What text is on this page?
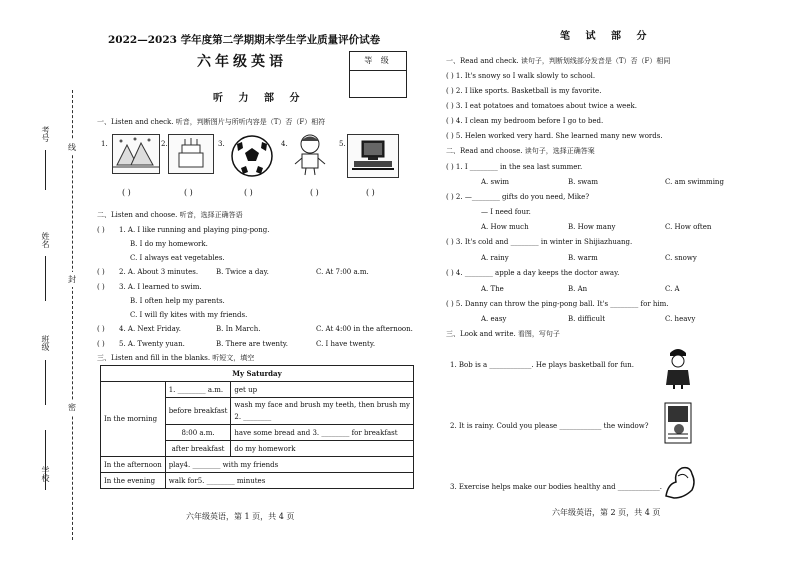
考号
姓名
班级
学校
线
封
密
2022—2023 学年度第二学期期末学生学业质量评价试卷
六年级英语	等 级
听 力 部 分
一、Listen and check. 听音，判断图片与所听内容是（T）否（F）相符
1.
( )
2.
( )
3.
( )
4.
( )
5.
( )
二、Listen and choose. 听音，选择正确答语
( ) 1. A. I like running and playing ping-pong.
B. I do my homework.
C. I always eat vegetables.
( ) 2. A. About 3 minutes.	B. Twice a day.	C. At 7:00 a.m.
( ) 3. A. I learned to swim.
B. I often help my parents.
C. I will fly kites with my friends.
( ) 4. A. Next Friday.	B. In March.	C. At 4:00 in the afternoon.
( ) 5. A. Twenty yuan.	B. There are twenty.	C. I have twenty.
三、Listen and fill in the blanks. 听短文，填空
My Saturday		
In the morning	1. ________ a.m.	get up
	before breakfast	wash my face and brush my teeth, then brush my
2. ________
	8:00 a.m.	have some bread and 3. ________ for breakfast
	after breakfast	do my homework
In the afternoon	play4. ________ with my friends	
In the evening	walk for5. ________ minutes	
六年级英语，第 1 页，共 4 页
笔 试 部 分
一、Read and check. 读句子，判断划线部分发音是（T）否（F）相同
( ) 1. It's snowy so I walk slowly to school.
( ) 2. I like sports. Basketball is my favorite.
( ) 3. I eat potatoes and tomatoes about twice a week.
( ) 4. I clean my bedroom before I go to bed.
( ) 5. Helen worked very hard. She learned many new words.
二、Read and choose. 读句子，选择正确答案
( ) 1. I ________ in the sea last summer.
A. swim	B. swam	C. am swimming
( ) 2. —________ gifts do you need, Mike?
— I need four.
A. How much	B. How many	C. How often
( ) 3. It's cold and ________ in winter in Shijiazhuang.
A. rainy	B. warm	C. snowy
( ) 4. ________ apple a day keeps the doctor away.
A. The	B. An	C. A
( ) 5. Danny can throw the ping-pong ball. It's ________ for him.
A. easy	B. difficult	C. heavy
三、Look and write. 看图，写句子
1. Bob is a ____________. He plays basketball for fun.
2. It is rainy. Could you please ____________ the window?
3. Exercise helps make our bodies healthy and ____________.
六年级英语，第 2 页，共 4 页
